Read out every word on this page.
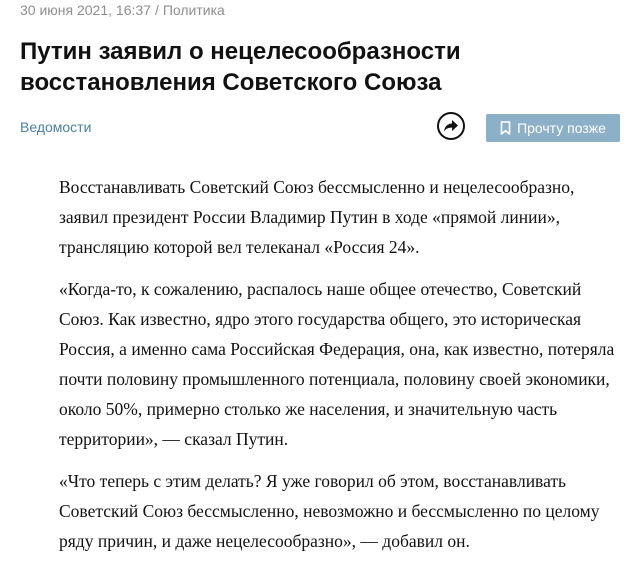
30 июня 2021, 16:37 / Политика
Путин заявил о нецелесообразности восстановления Советского Союза
Ведомости	Прочту позже

Восстанавливать Советский Союз бессмысленно и нецелесообразно, заявил президент России Владимир Путин в ходе «прямой линии», трансляцию которой вел телеканал «Россия 24».

«Когда-то, к сожалению, распалось наше общее отечество, Советский Союз. Как известно, ядро этого государства общего, это историческая Россия, а именно сама Российская Федерация, она, как известно, потеряла почти половину промышленного потенциала, половину своей экономики, около 50%, примерно столько же населения, и значительную часть территории», — сказал Путин.

«Что теперь с этим делать? Я уже говорил об этом, восстанавливать Советский Союз бессмысленно, невозможно и бессмысленно по целому ряду причин, и даже нецелесообразно», — добавил он.
